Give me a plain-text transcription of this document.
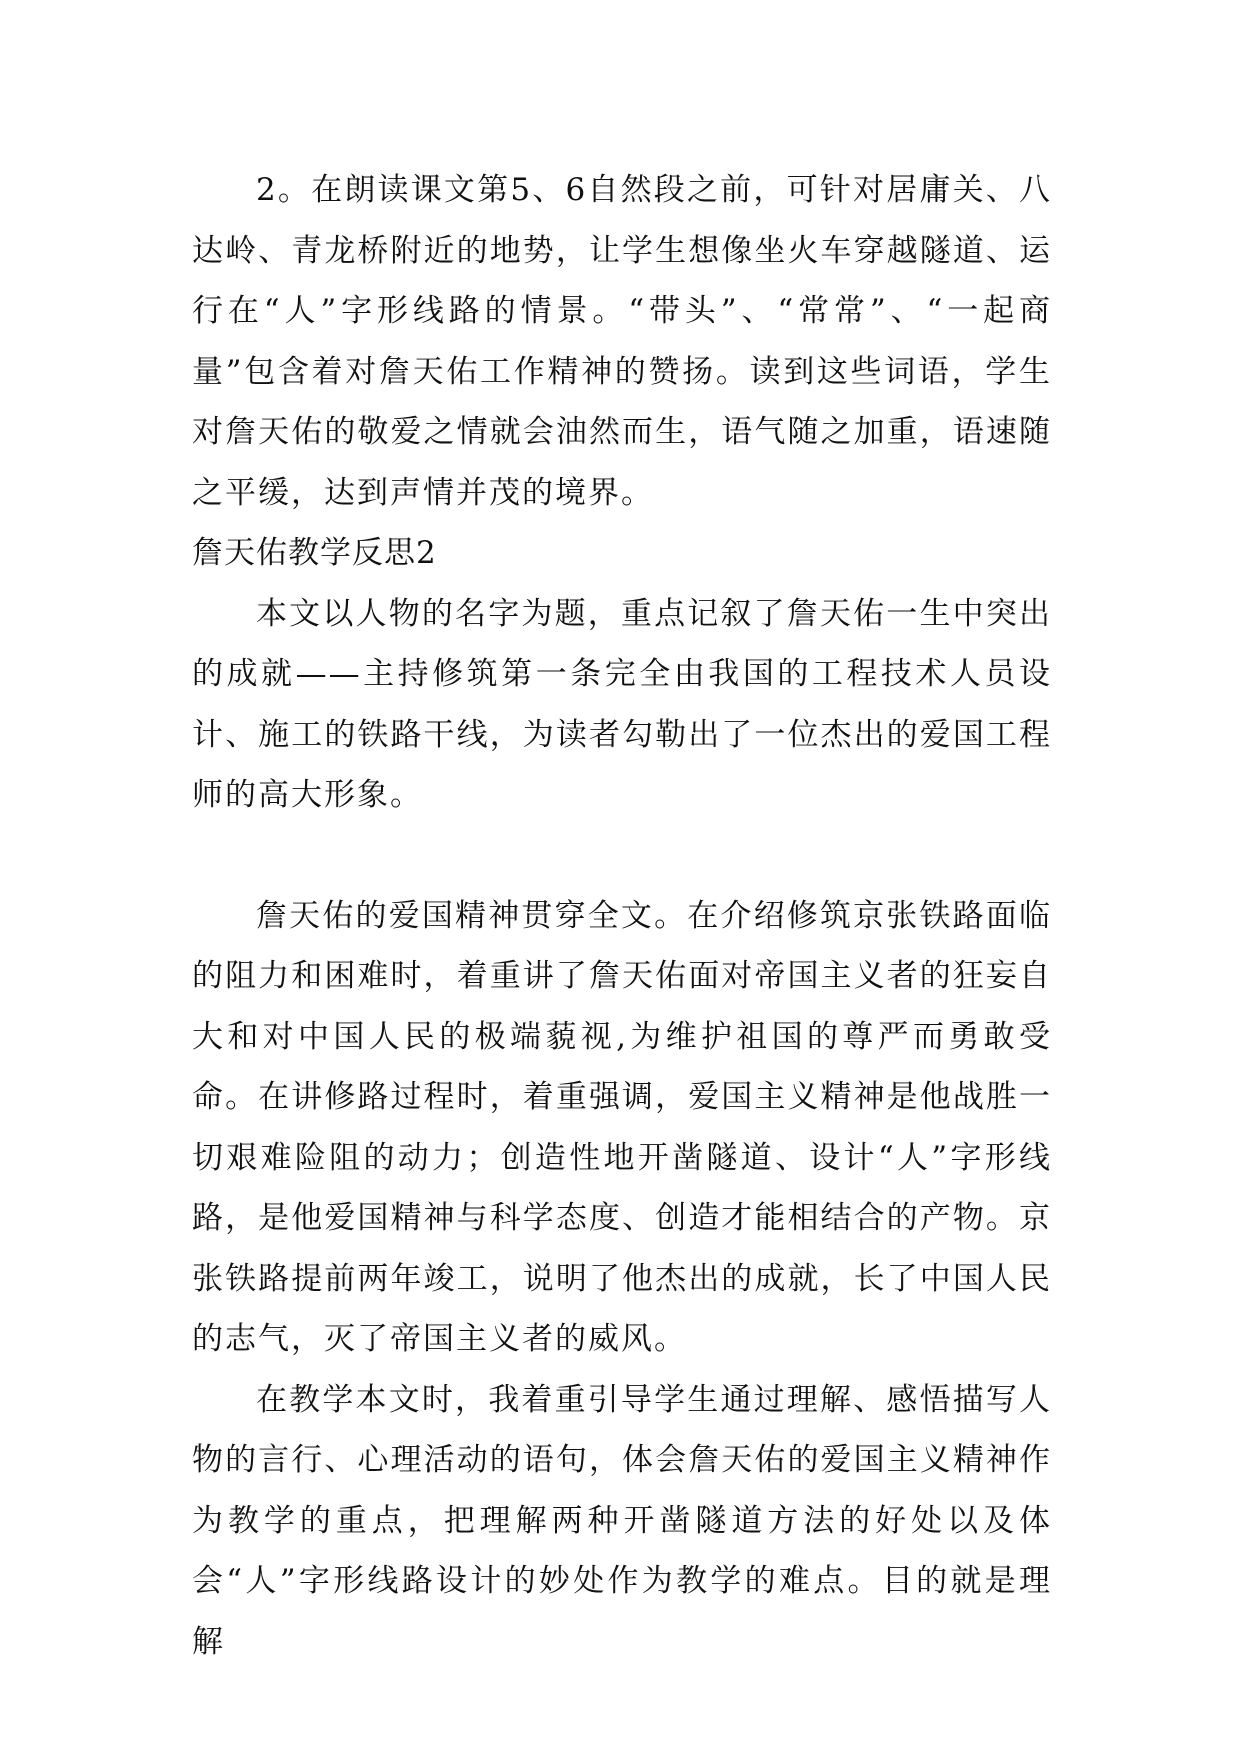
2。在朗读课文第5、6自然段之前，可针对居庸关、八达岭、青龙桥附近的地势，让学生想像坐火车穿越隧道、运行在“人”字形线路的情景。“带头”、“常常”、“一起商量”包含着对詹天佑工作精神的赞扬。读到这些词语，学生对詹天佑的敬爱之情就会油然而生，语气随之加重，语速随之平缓，达到声情并茂的境界。

詹天佑教学反思2

本文以人物的名字为题，重点记叙了詹天佑一生中突出的成就——主持修筑第一条完全由我国的工程技术人员设计、施工的铁路干线，为读者勾勒出了一位杰出的爱国工程师的高大形象。

詹天佑的爱国精神贯穿全文。在介绍修筑京张铁路面临的阻力和困难时，着重讲了詹天佑面对帝国主义者的狂妄自大和对中国人民的极端藐视,为维护祖国的尊严而勇敢受命。在讲修路过程时，着重强调，爱国主义精神是他战胜一切艰难险阻的动力；创造性地开凿隧道、设计“人”字形线路，是他爱国精神与科学态度、创造才能相结合的产物。京张铁路提前两年竣工，说明了他杰出的成就，长了中国人民的志气，灭了帝国主义者的威风。

在教学本文时，我着重引导学生通过理解、感悟描写人物的言行、心理活动的语句，体会詹天佑的爱国主义精神作为教学的重点，把理解两种开凿隧道方法的好处以及体会“人”字形线路设计的妙处作为教学的难点。目的就是理解
